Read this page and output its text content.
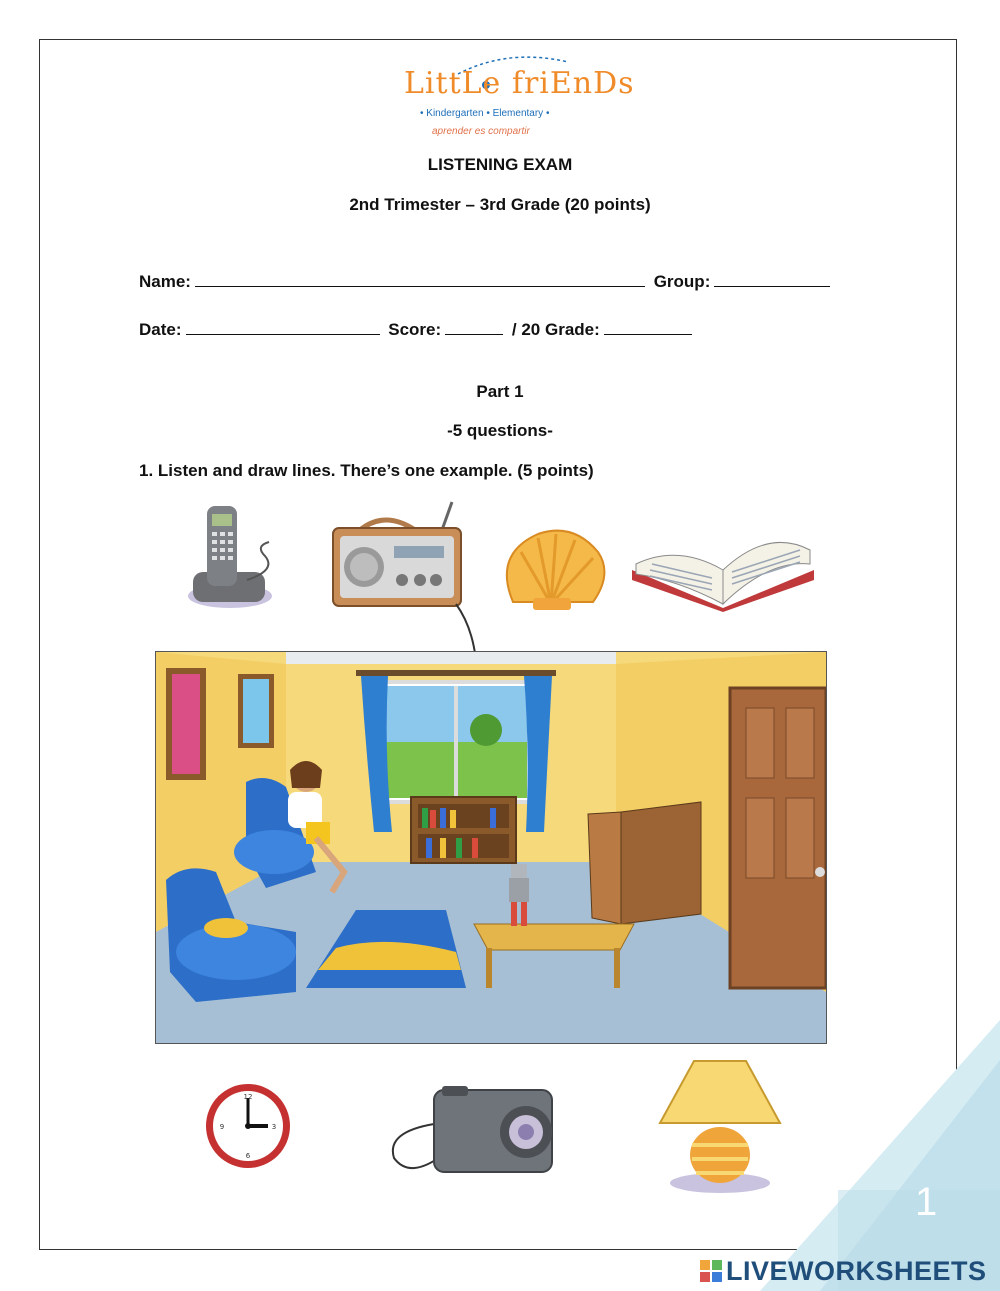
1
LittLe friEnDs
• Kindergarten • Elementary •
aprender es compartir
LISTENING EXAM
2nd Trimester – 3rd Grade (20 points)
Name:	Group:
Date:	Score:	/ 20 Grade:
Part 1
-5 questions-
1. Listen and draw lines. There’s one example. (5 points)
12
3
6
9
LIVEWORKSHEETS
